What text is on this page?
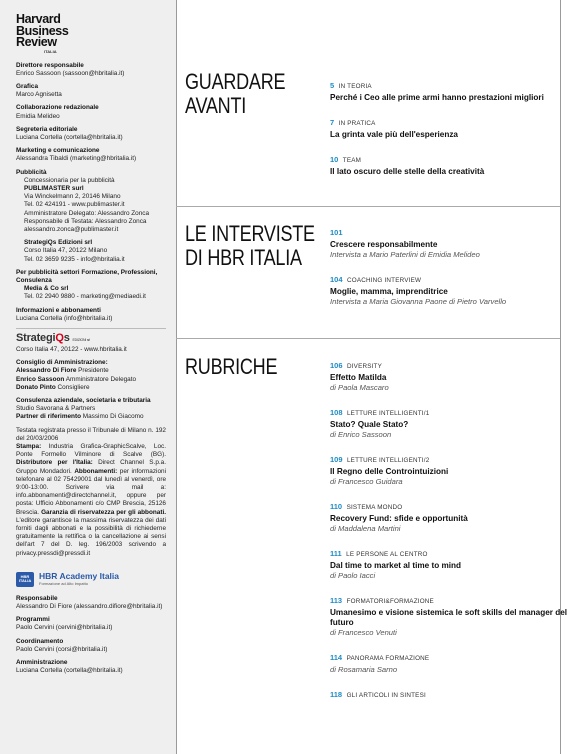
Harvard
Business
Review
ITALIA
Direttore responsabile
Enrico Sassoon (sassoon@hbritalia.it)
Grafica
Marco Agnisetta
Collaborazione redazionale
Emidia Melideo
Segreteria editoriale
Luciana Cortella (cortella@hbritalia.it)
Marketing e comunicazione
Alessandra Tibaldi (marketing@hbritalia.it)
Pubblicità
Concessionaria per la pubblicità
PUBLIMASTER surl
Via Winckelmann 2, 20146 Milano
Tel. 02 424191 - www.publimaster.it
Amministratore Delegato: Alessandro Zonca
Responsabile di Testata: Alessandro Zonca
alessandro.zonca@publimaster.it
StrategiQs Edizioni srl
Corso Italia 47, 20122 Milano
Tel. 02 3659 9235 - info@hbritalia.it
Per pubblicità settori Formazione, Professioni, Consulenza
Media & Co srl
Tel. 02 2940 9880 - marketing@mediaedi.it
Informazioni e abbonamenti
Luciana Cortella (info@hbritalia.it)
StrategiQs EDIZIONI srl
Corso Italia 47, 20122 - www.hbritalia.it
Consiglio di Amministrazione:
Alessandro Di Fiore Presidente
Enrico Sassoon Amministratore Delegato
Donato Pinto Consigliere
Consulenza aziendale, societaria e tributaria
Studio Savorana & Partners
Partner di riferimento Massimo Di Giacomo
Testata registrata presso il Tribunale di Milano n. 192 del 20/03/2006
Stampa: Industria Grafica-GraphicScalve, Loc. Ponte Formello Vilminore di Scalve (BG). Distributore per l'Italia: Direct Channel S.p.a. Gruppo Mondadori. Abbonamenti: per informazioni telefonare al 02 75429001 dal lunedì al venerdì, ore 9:00-13:00. Scrivere via mail a: info.abbonamenti@directchannel.it, oppure per posta: Ufficio Abbonamenti c/o CMP Brescia, 25126 Brescia. Garanzia di riservatezza per gli abbonati. L'editore garantisce la massima riservatezza dei dati forniti dagli abbonati e la possibilità di richiederne gratuitamente la rettifica o la cancellazione ai sensi dell'art 7 del D. leg. 196/2003 scrivendo a privacy.pressdi@pressdi.it
HBR
ITALIA HBR Academy Italia
Formazione ad Alto Impatto
Responsabile
Alessandro Di Fiore (alessandro.difiore@hbritalia.it)
Programmi
Paolo Cervini (cervini@hbritalia.it)
Coordinamento
Paolo Cervini (corsi@hbritalia.it)
Amministrazione
Luciana Cortella (cortella@hbritalia.it)
GUARDARE
AVANTI
5 IN TEORIA
Perché i Ceo alle prime armi hanno prestazioni migliori
7 IN PRATICA
La grinta vale più dell'esperienza
10 TEAM
Il lato oscuro delle stelle della creatività
LE INTERVISTE
DI HBR ITALIA
101
Crescere responsabilmente
Intervista a Mario Paterlini di Emidia Melideo
104 COACHING INTERVIEW
Moglie, mamma, imprenditrice
Intervista a Maria Giovanna Paone di Pietro Varvello
RUBRICHE	106 DIVERSITY
Effetto Matilda
di Paola Mascaro
108 LETTURE INTELLIGENTI/1
Stato? Quale Stato?
di Enrico Sassoon
109 LETTURE INTELLIGENTI/2
Il Regno delle Controintuizioni
di Francesco Guidara
110 SISTEMA MONDO
Recovery Fund: sfide e opportunità
di Maddalena Martini
111 LE PERSONE AL CENTRO
Dal time to market al time to mind
di Paolo Iacci
113 FORMATORI&FORMAZIONE
Umanesimo e visione sistemica le soft skills del manager del futuro
di Francesco Venuti
114 PANORAMA FORMAZIONE
di Rosamaria Sarno
118 GLI ARTICOLI IN SINTESI
